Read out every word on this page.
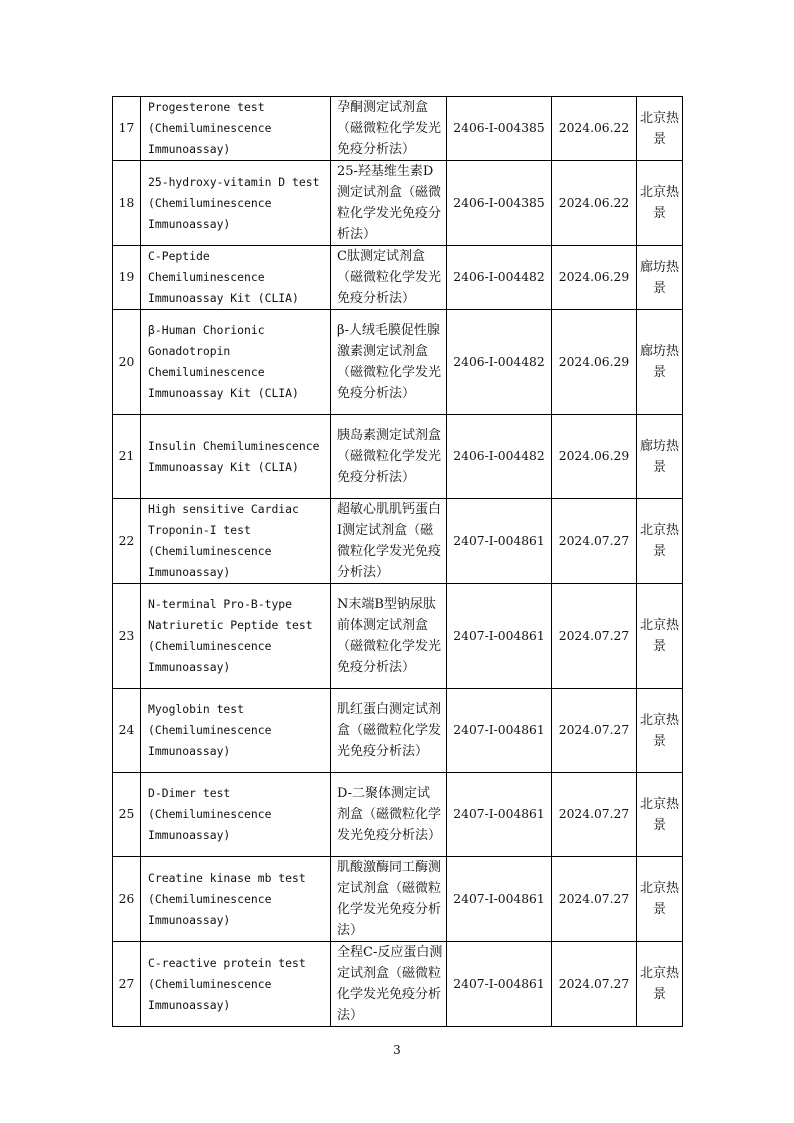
17	Progesterone test (Chemiluminescence Immunoassay)	孕酮测定试剂盒（磁微粒化学发光免疫分析法）	2406-I-004385	2024.06.22	北京热景
18	25-hydroxy-vitamin D test (Chemiluminescence Immunoassay)	25-羟基维生素D测定试剂盒（磁微粒化学发光免疫分析法）	2406-I-004385	2024.06.22	北京热景
19	C-Peptide Chemiluminescence Immunoassay Kit (CLIA)	C肽测定试剂盒（磁微粒化学发光免疫分析法）	2406-I-004482	2024.06.29	廊坊热景
20	β-Human Chorionic Gonadotropin Chemiluminescence Immunoassay Kit (CLIA)	β-人绒毛膜促性腺激素测定试剂盒（磁微粒化学发光免疫分析法）	2406-I-004482	2024.06.29	廊坊热景
21	Insulin Chemiluminescence Immunoassay Kit (CLIA)	胰岛素测定试剂盒（磁微粒化学发光免疫分析法）	2406-I-004482	2024.06.29	廊坊热景
22	High sensitive Cardiac Troponin-I test (Chemiluminescence Immunoassay)	超敏心肌肌钙蛋白I测定试剂盒（磁微粒化学发光免疫分析法）	2407-I-004861	2024.07.27	北京热景
23	N-terminal Pro-B-type Natriuretic Peptide test (Chemiluminescence Immunoassay)	N末端B型钠尿肽前体测定试剂盒（磁微粒化学发光免疫分析法）	2407-I-004861	2024.07.27	北京热景
24	Myoglobin test (Chemiluminescence Immunoassay)	肌红蛋白测定试剂盒（磁微粒化学发光免疫分析法）	2407-I-004861	2024.07.27	北京热景
25	D-Dimer test (Chemiluminescence Immunoassay)	D-二聚体测定试剂盒（磁微粒化学发光免疫分析法）	2407-I-004861	2024.07.27	北京热景
26	Creatine kinase mb test (Chemiluminescence Immunoassay)	肌酸激酶同工酶测定试剂盒（磁微粒化学发光免疫分析法）	2407-I-004861	2024.07.27	北京热景
27	C-reactive protein test (Chemiluminescence Immunoassay)	全程C-反应蛋白测定试剂盒（磁微粒化学发光免疫分析法）	2407-I-004861	2024.07.27	北京热景
3
